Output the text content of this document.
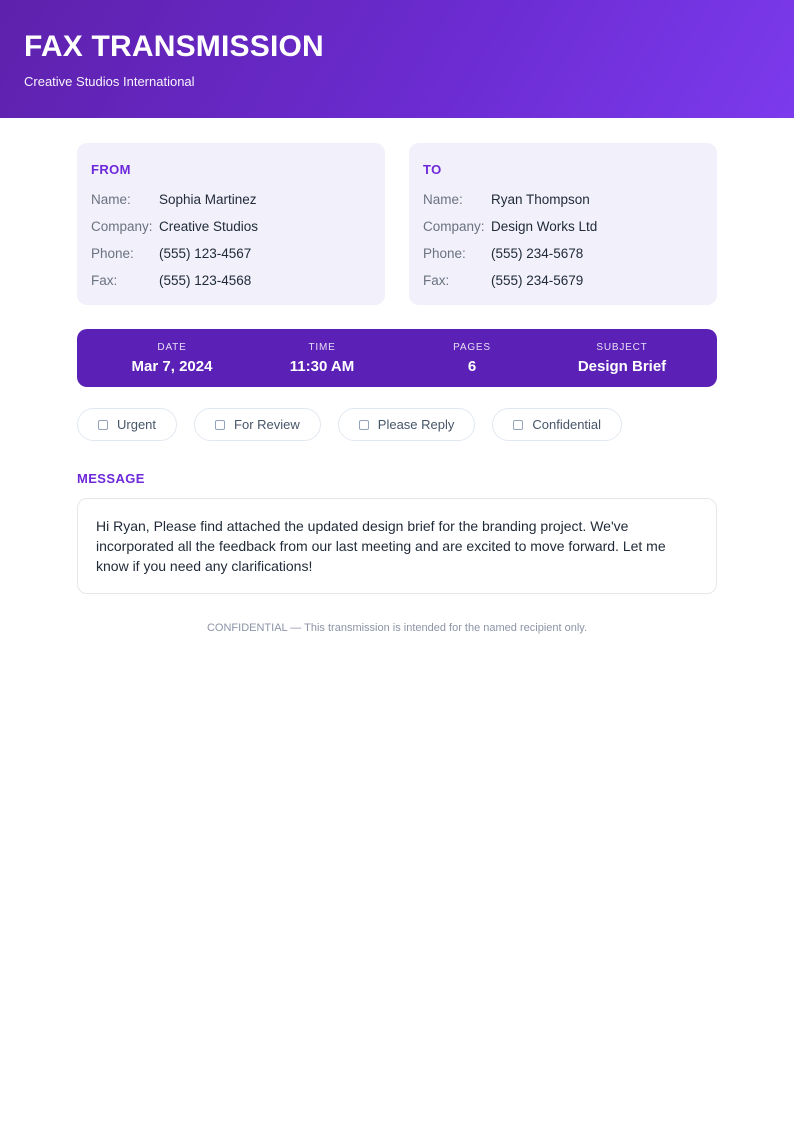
FAX TRANSMISSION
Creative Studios International
FROM
Name:	Sophia Martinez
Company: Creative Studios
Phone:	(555) 123-4567
Fax:	(555) 123-4568
TO
Name:	Ryan Thompson
Company: Design Works Ltd
Phone:	(555) 234-5678
Fax:	(555) 234-5679
DATE
Mar 7, 2024
TIME
11:30 AM
PAGES
6
SUBJECT
Design Brief
Urgent	For Review	Please Reply	Confidential
MESSAGE

Hi Ryan, Please find attached the updated design brief for the branding project. We've incorporated all the feedback from our last meeting and are excited to move forward. Let me know if you need any clarifications!

CONFIDENTIAL — This transmission is intended for the named recipient only.
